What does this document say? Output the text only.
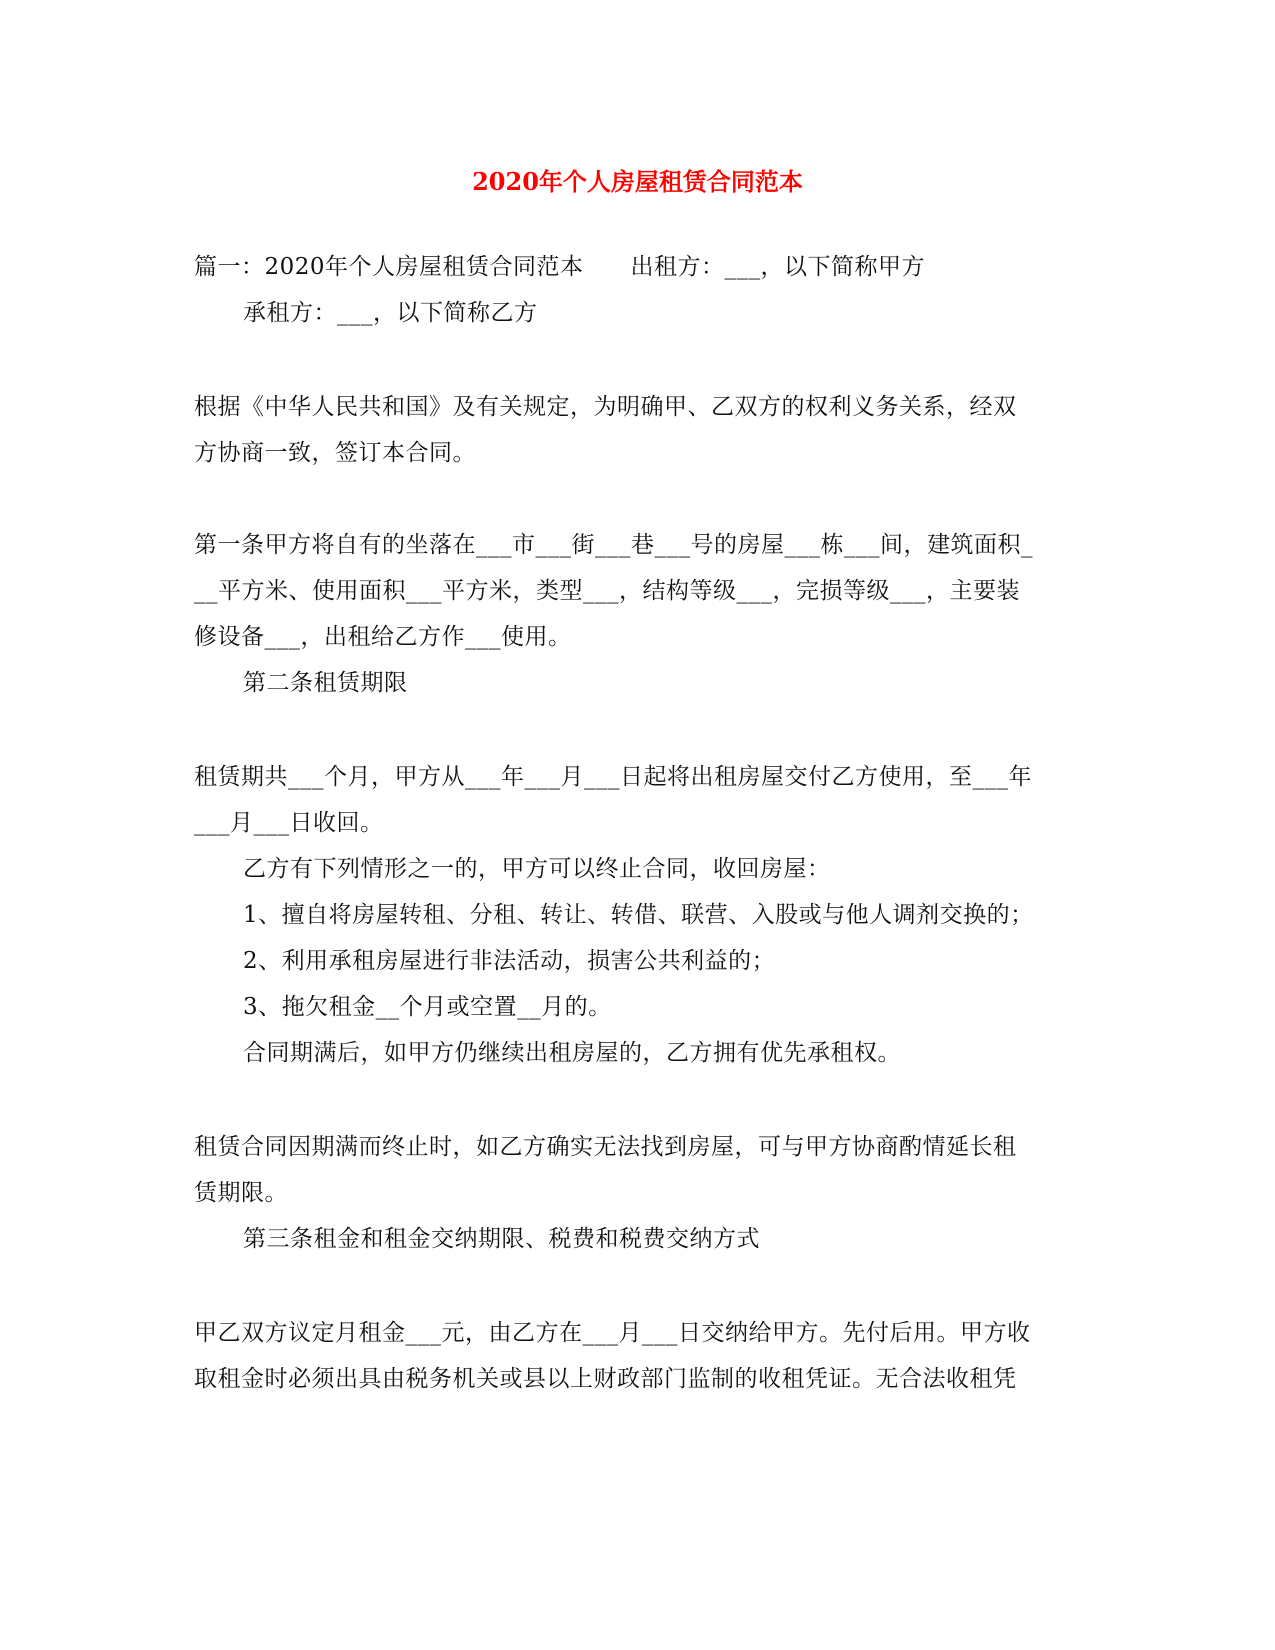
2020年个人房屋租赁合同范本
篇一：2020年个人房屋租赁合同范本　　出租方：___，以下简称甲方
承租方：___，以下简称乙方
根据《中华人民共和国》及有关规定，为明确甲、乙双方的权利义务关系，经双
方协商一致，签订本合同。
第一条甲方将自有的坐落在___市___街___巷___号的房屋___栋___间，建筑面积_
__平方米、使用面积___平方米，类型___，结构等级___，完损等级___，主要装
修设备___，出租给乙方作___使用。
第二条租赁期限
租赁期共___个月，甲方从___年___月___日起将出租房屋交付乙方使用，至___年
___月___日收回。
乙方有下列情形之一的，甲方可以终止合同，收回房屋：
1、擅自将房屋转租、分租、转让、转借、联营、入股或与他人调剂交换的；
2、利用承租房屋进行非法活动，损害公共利益的；
3、拖欠租金__个月或空置__月的。
合同期满后，如甲方仍继续出租房屋的，乙方拥有优先承租权。
租赁合同因期满而终止时，如乙方确实无法找到房屋，可与甲方协商酌情延长租
赁期限。
第三条租金和租金交纳期限、税费和税费交纳方式
甲乙双方议定月租金___元，由乙方在___月___日交纳给甲方。先付后用。甲方收
取租金时必须出具由税务机关或县以上财政部门监制的收租凭证。无合法收租凭
